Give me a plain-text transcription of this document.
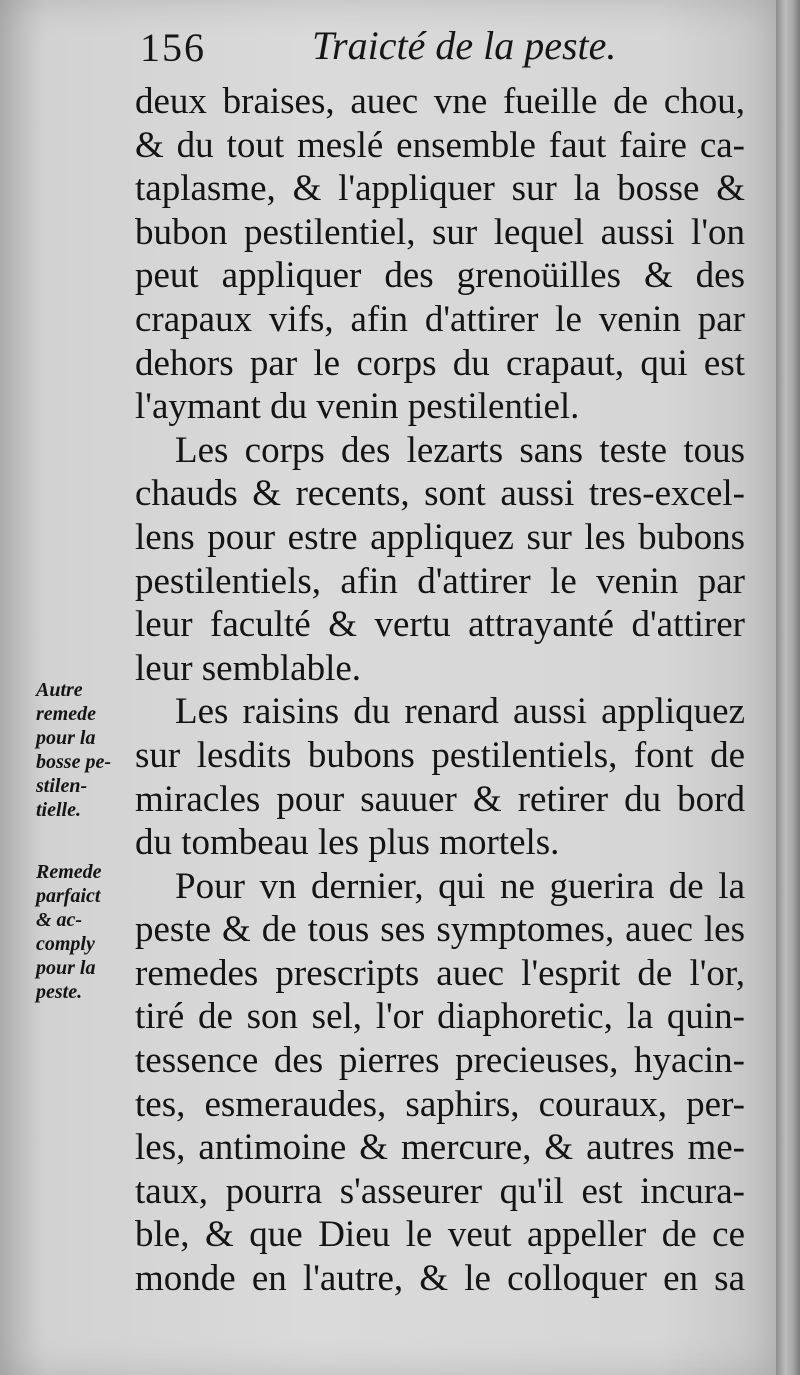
156	Traicté de la peste.
Autre
remede
pour la
bosse pe-
stilen-
tielle.
Remede
parfaict
& ac-
comply
pour la
peste.
deux braises, auec vne fueille de chou,
& du tout meslé ensemble faut faire ca-
taplasme, & l'appliquer sur la bosse &
bubon pestilentiel, sur lequel aussi l'on
peut appliquer des grenoüilles & des
crapaux vifs, afin d'attirer le venin par
dehors par le corps du crapaut, qui est
l'aymant du venin pestilentiel.
Les corps des lezarts sans teste tous
chauds & recents, sont aussi tres-excel-
lens pour estre appliquez sur les bubons
pestilentiels, afin d'attirer le venin par
leur faculté & vertu attrayanté d'attirer
leur semblable.
Les raisins du renard aussi appliquez
sur lesdits bubons pestilentiels, font de
miracles pour sauuer & retirer du bord
du tombeau les plus mortels.
Pour vn dernier, qui ne guerira de la
peste & de tous ses symptomes, auec les
remedes prescripts auec l'esprit de l'or,
tiré de son sel, l'or diaphoretic, la quin-
tessence des pierres precieuses, hyacin-
tes, esmeraudes, saphirs, couraux, per-
les, antimoine & mercure, & autres me-
taux, pourra s'asseurer qu'il est incura-
ble, & que Dieu le veut appeller de ce
monde en l'autre, & le colloquer en sa
